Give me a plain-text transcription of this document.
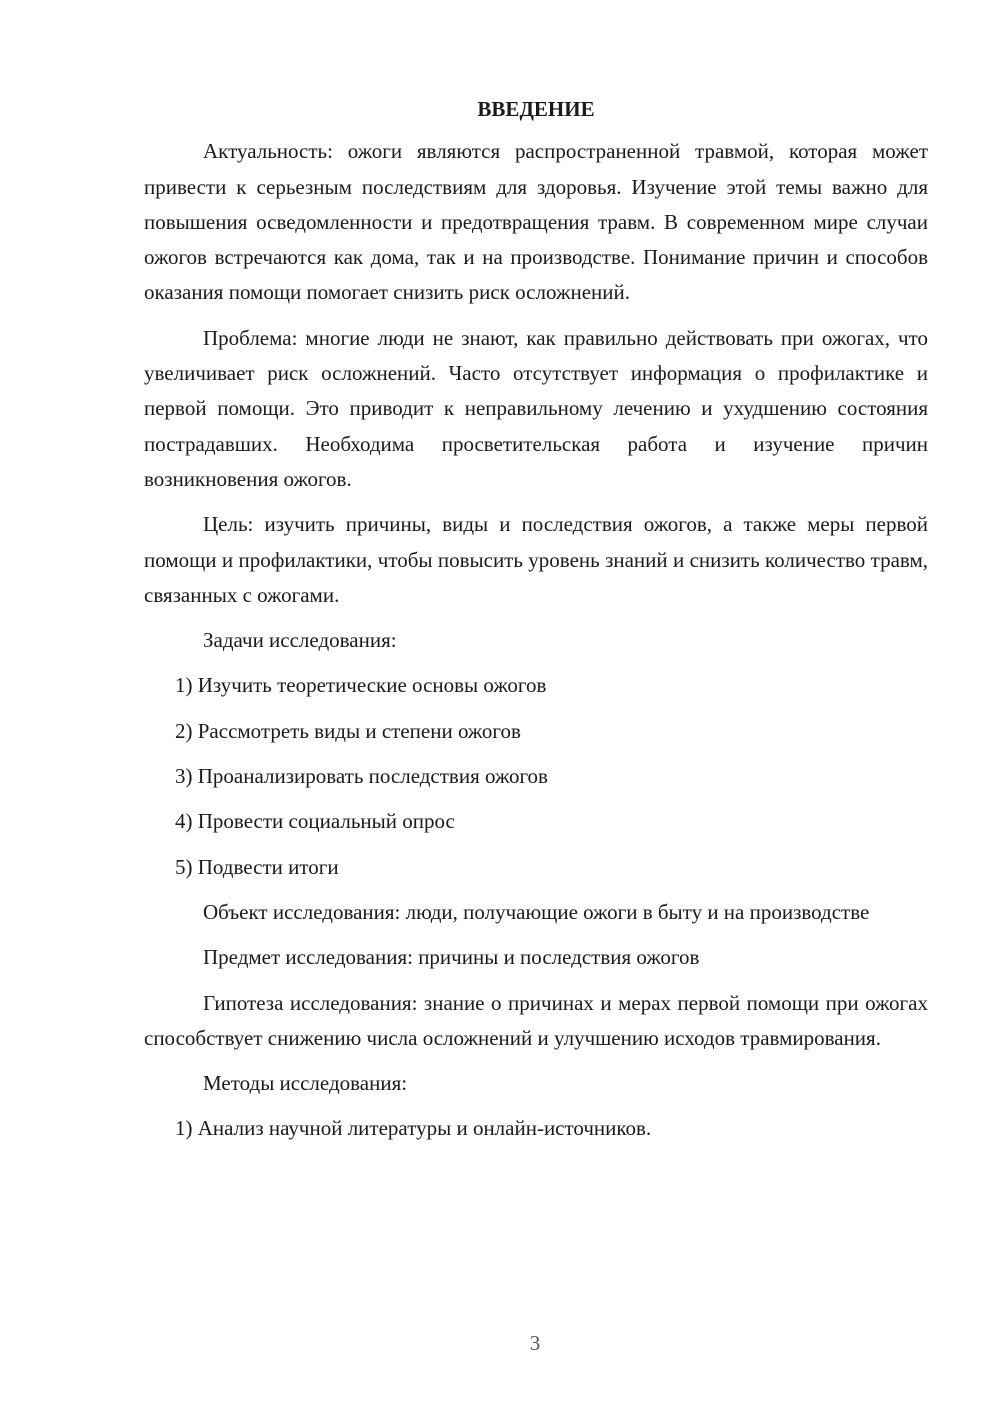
ВВЕДЕНИЕ

Актуальность: ожоги являются распространенной травмой, которая может привести к серьезным последствиям для здоровья. Изучение этой темы важно для повышения осведомленности и предотвращения травм. В современном мире случаи ожогов встречаются как дома, так и на производстве. Понимание причин и способов оказания помощи помогает снизить риск осложнений.

Проблема: многие люди не знают, как правильно действовать при ожогах, что увеличивает риск осложнений. Часто отсутствует информация о профилактике и первой помощи. Это приводит к неправильному лечению и ухудшению состояния пострадавших. Необходима просветительская работа и изучение причин возникновения ожогов.

Цель: изучить причины, виды и последствия ожогов, а также меры первой помощи и профилактики, чтобы повысить уровень знаний и снизить количество травм, связанных с ожогами.

Задачи исследования:

1) Изучить теоретические основы ожогов
2) Рассмотреть виды и степени ожогов
3) Проанализировать последствия ожогов
4) Провести социальный опрос
5) Подвести итоги

Объект исследования: люди, получающие ожоги в быту и на производстве

Предмет исследования: причины и последствия ожогов

Гипотеза исследования: знание о причинах и мерах первой помощи при ожогах способствует снижению числа осложнений и улучшению исходов травмирования.

Методы исследования:

1) Анализ научной литературы и онлайн-источников.
3
